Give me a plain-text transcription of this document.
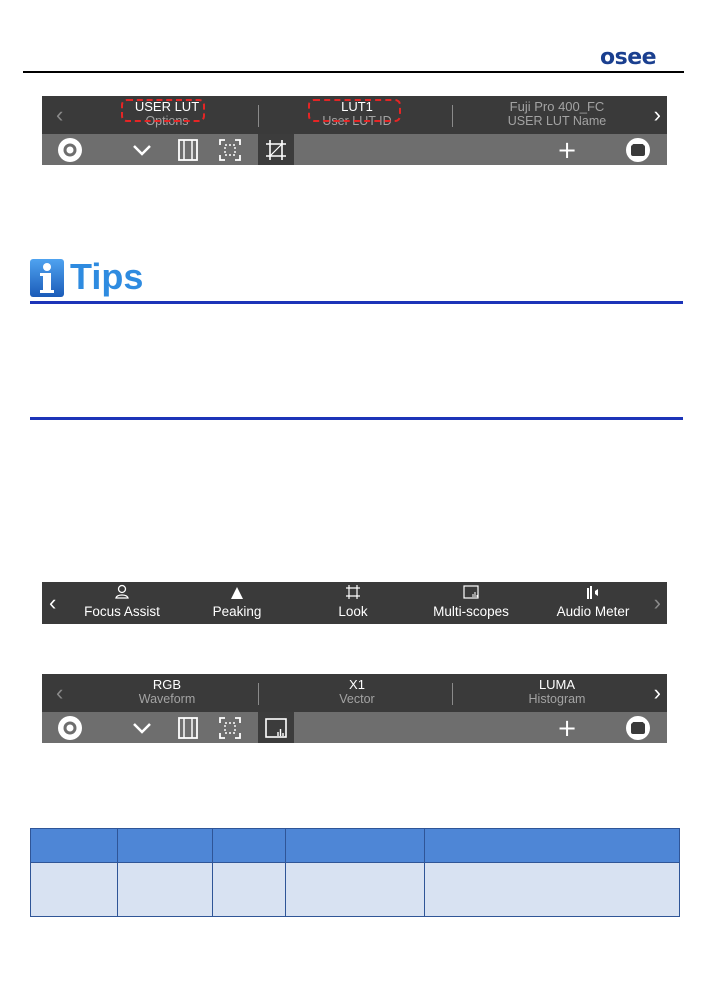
osee
‹	USER LUT
Options
LUT1
User LUT ID
Fuji Pro 400_FC
USER LUT Name	›
+
Tips
‹	Focus Assist	Peaking	Look	Multi-scopes	Audio Meter	›
‹	RGB
Waveform
X1
Vector
LUMA
Histogram	›
+
